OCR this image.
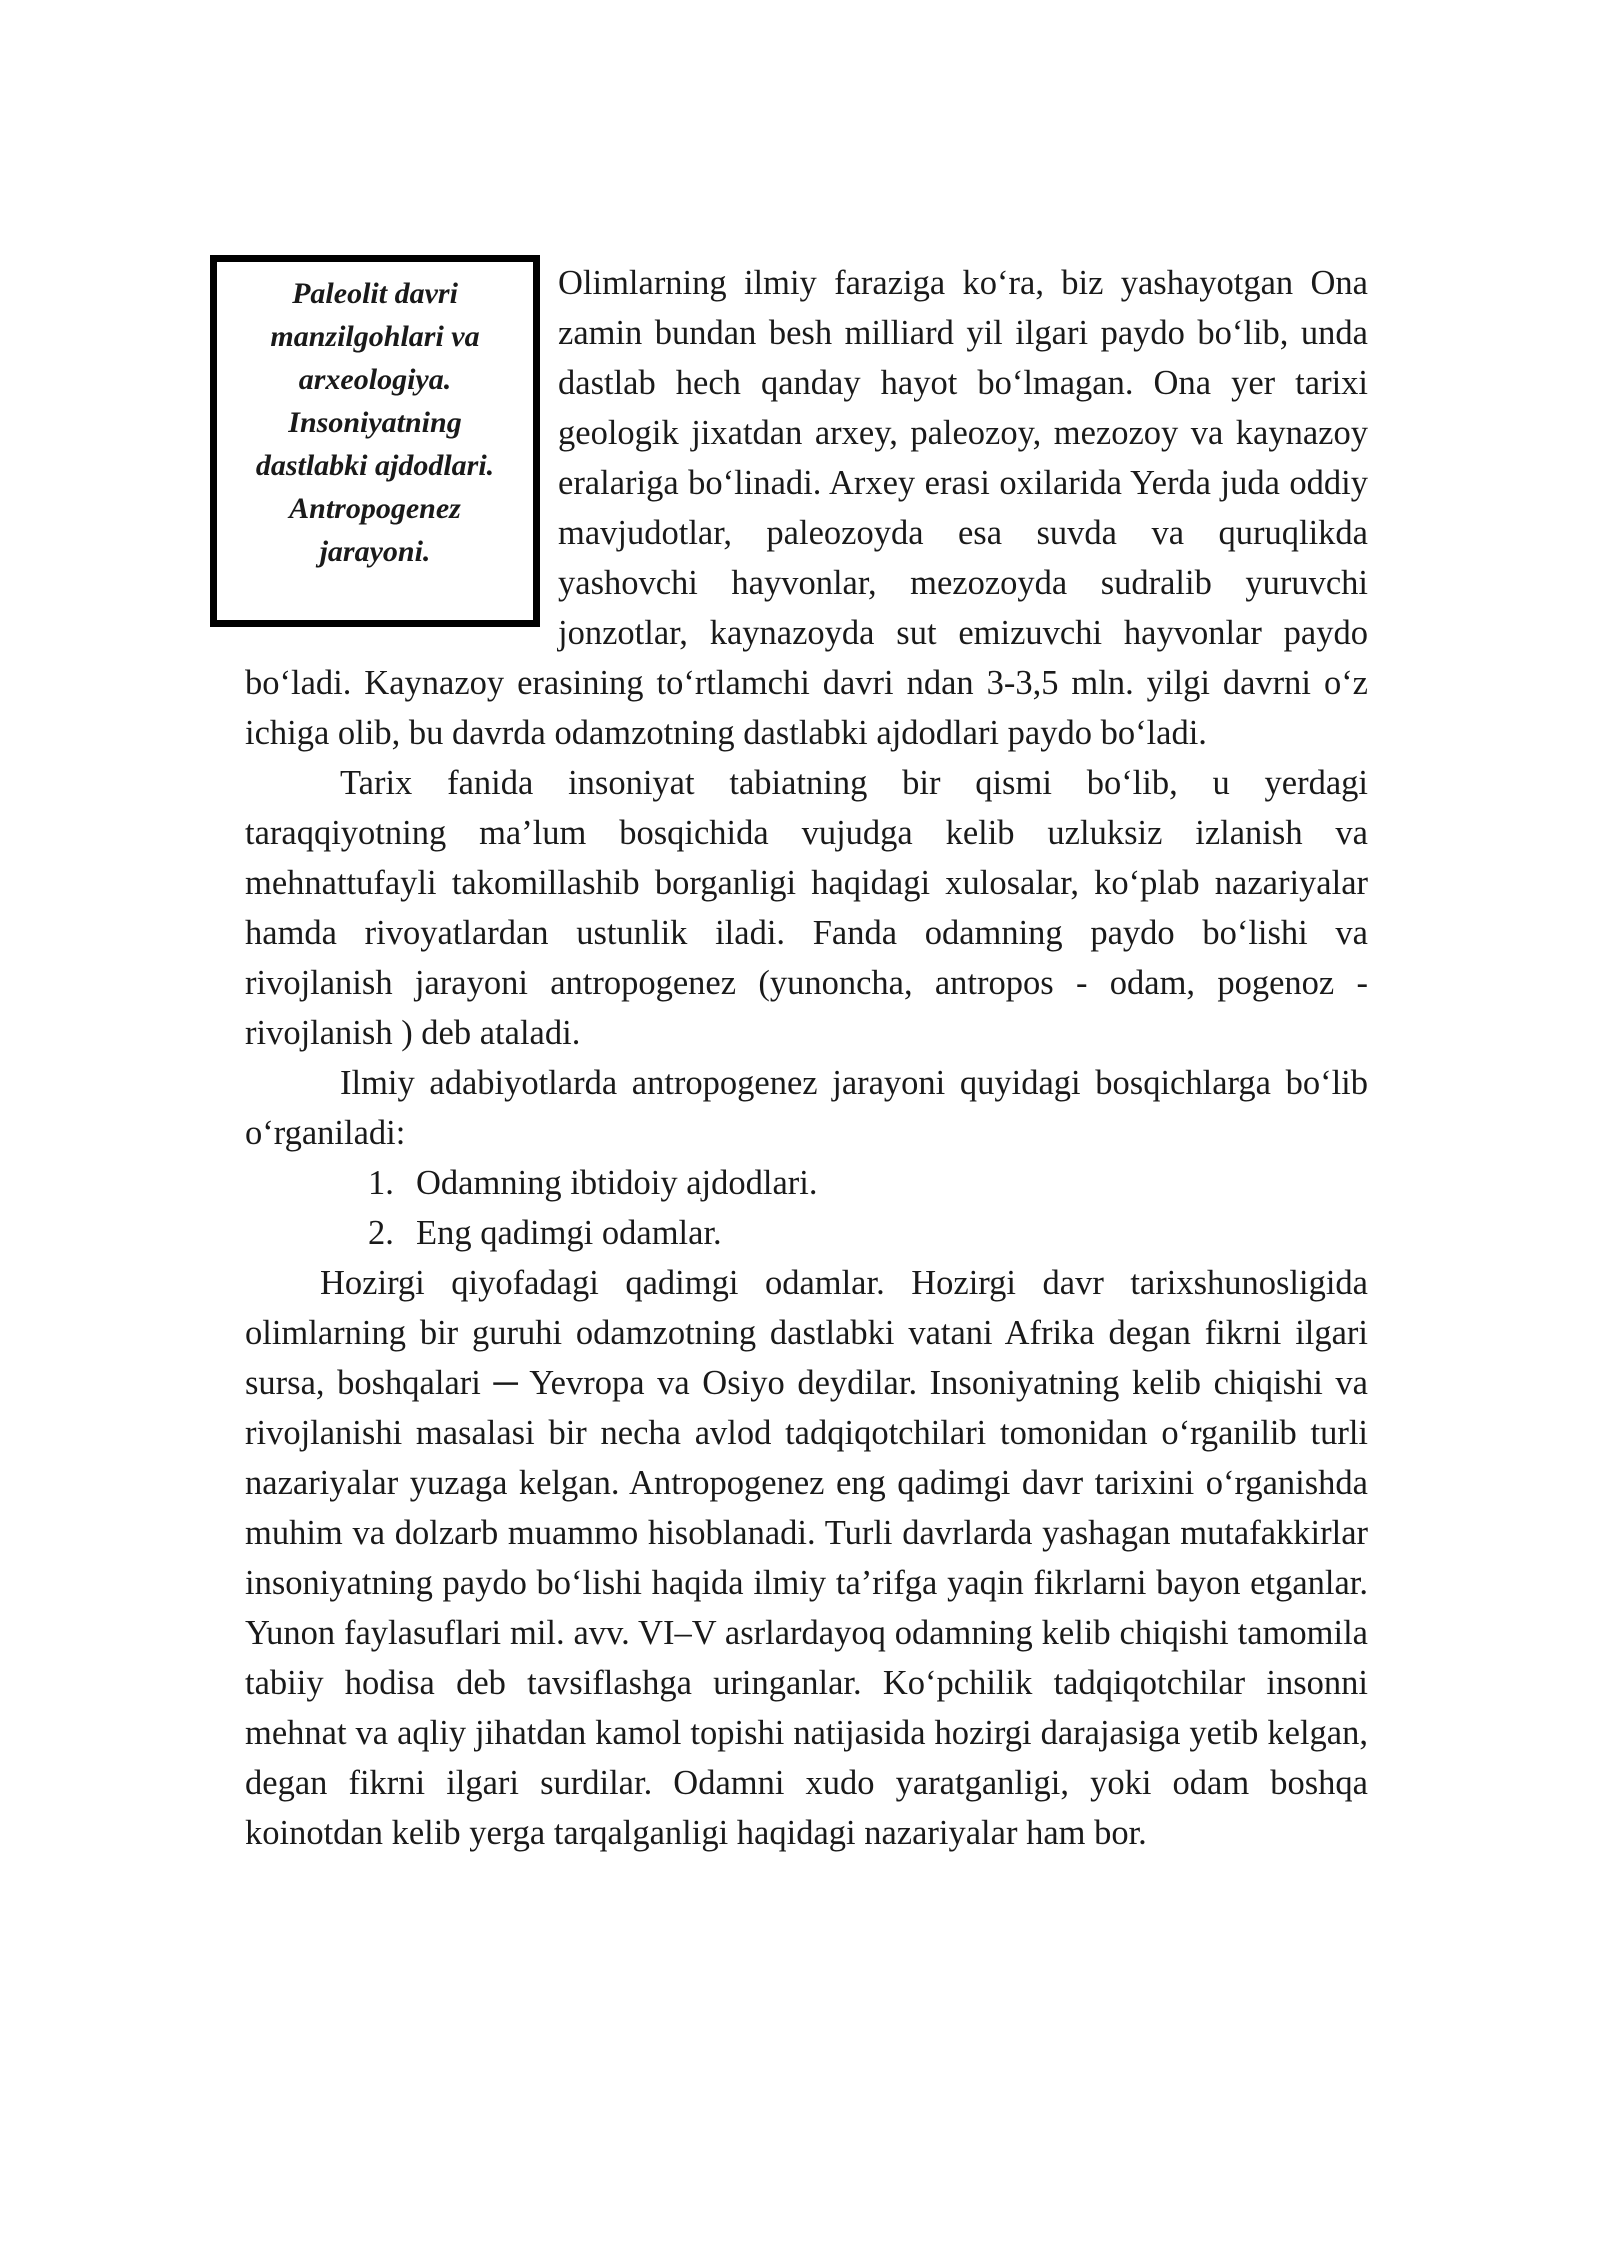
Paleolit davri manzilgohlari va arxeologiya. Insoniyatning dastlabki ajdodlari. Antropogenez jarayoni.

Olimlarning ilmiy faraziga ko‘ra, biz yashayotgan Ona zamin bundan besh milliard yil ilgari paydo bo‘lib, unda dastlab hech qanday hayot bo‘lmagan. Ona yer tarixi geologik jixatdan arxey, paleozoy, mezozoy va kaynazoy eralariga bo‘linadi. Arxey erasi oxilarida Yerda juda oddiy mavjudotlar, paleozoyda esa suvda va quruqlikda yashovchi hayvonlar, mezozoyda sudralib yuruvchi jonzotlar, kaynazoyda sut emizuvchi hayvonlar paydo bo‘ladi. Kaynazoy erasining to‘rtlamchi davri ndan 3-3,5 mln. yilgi davrni o‘z ichiga olib, bu davrda odamzotning dastlabki ajdodlari paydo bo‘ladi.

Tarix fanida insoniyat tabiatning bir qismi bo‘lib, u yerdagi taraqqiyotning ma’lum bosqichida vujudga kelib uzluksiz izlanish va mehnattufayli takomillashib borganligi haqidagi xulosalar, ko‘plab nazariyalar hamda rivoyatlardan ustunlik iladi. Fanda odamning paydo bo‘lishi va rivojlanish jarayoni antropogenez (yunoncha, antropos - odam, pogenoz - rivojlanish ) deb ataladi.

Ilmiy adabiyotlarda antropogenez jarayoni quyidagi bosqichlarga bo‘lib o‘rganiladi:

1. Odamning ibtidoiy ajdodlari.
2. Eng qadimgi odamlar.

Hozirgi qiyofadagi qadimgi odamlar. Hozirgi davr tarixshunosligida olimlarning bir guruhi odamzotning dastlabki vatani Afrika degan fikrni ilgari sursa, boshqalari ─ Yevropa va Osiyo deydilar. Insoniyatning kelib chiqishi va rivojlanishi masalasi bir necha avlod tadqiqotchilari tomonidan o‘rganilib turli nazariyalar yuzaga kelgan. Antropogenez eng qadimgi davr tarixini o‘rganishda muhim va dolzarb muammo hisoblanadi. Turli davrlarda yashagan mutafakkirlar insoniyatning paydo bo‘lishi haqida ilmiy ta’rifga yaqin fikrlarni bayon etganlar. Yunon faylasuflari mil. avv. VI–V asrlardayoq odamning kelib chiqishi tamomila tabiiy hodisa deb tavsiflashga uringanlar. Ko‘pchilik tadqiqotchilar insonni mehnat va aqliy jihatdan kamol topishi natijasida hozirgi darajasiga yetib kelgan, degan fikrni ilgari surdilar. Odamni xudo yaratganligi, yoki odam boshqa koinotdan kelib yerga tarqalganligi haqidagi nazariyalar ham bor.
